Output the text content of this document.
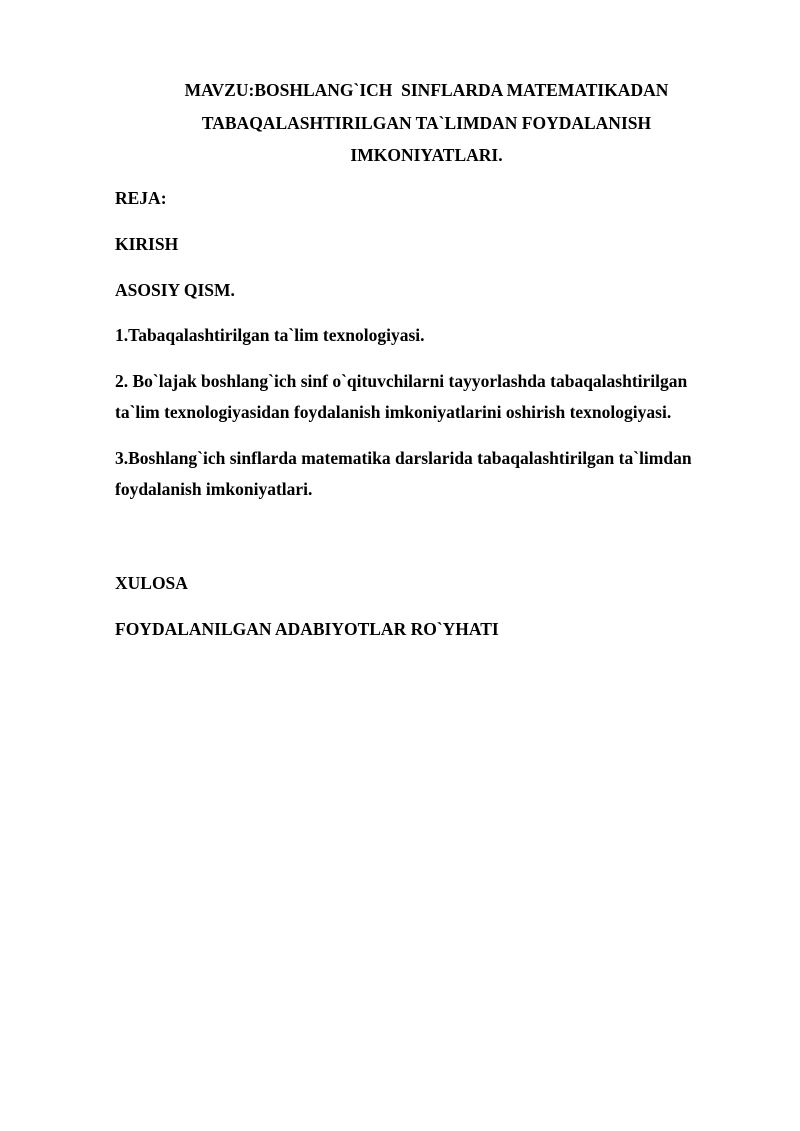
MAVZU:BOSHLANG`ICH  SINFLARDA MATEMATIKADAN
TABAQALASHTIRILGAN TA`LIMDAN FOYDALANISH
IMKONIYATLARI.
REJA:
KIRISH
ASOSIY QISM.
1.Tabaqalashtirilgan ta`lim texnologiyasi.
2. Bo`lajak boshlang`ich sinf o`qituvchilarni tayyorlashda tabaqalashtirilgan
ta`lim texnologiyasidan foydalanish imkoniyatlarini oshirish texnologiyasi.
3.Boshlang`ich sinflarda matematika darslarida tabaqalashtirilgan ta`limdan
foydalanish imkoniyatlari.
XULOSA
FOYDALANILGAN ADABIYOTLAR RO`YHATI
